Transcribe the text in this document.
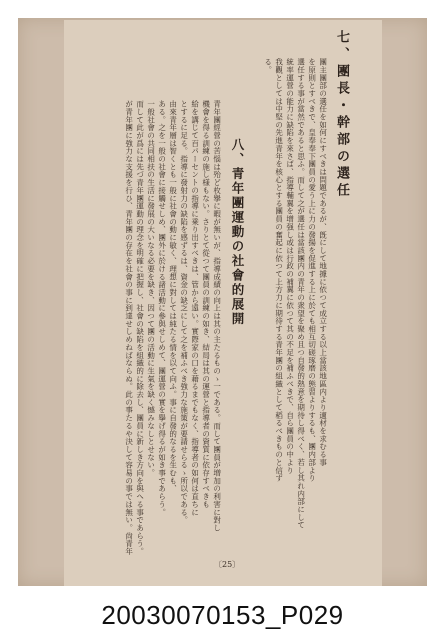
七、團長・幹部の選任
團主團部の選任を如何にすべきは問題であるが、旣にして地據に依つて成立する以上當該地區内より適材を求むる事
を原則とすべきで、皇奉奉下團員の愛う上に力の發揚を促進する上に於ても相互切磋琢磨の態習よりするも、團内部より
選任する事が當然であると思ふ。而して之が選任は當該團内の青年の衆望を聚め且つ自發的熱意を期待し得べく、若し其れ内部にして
統率運營の能力に缺陷を來さば、指導輔翼を增强し或は行政の補翼に依つて其の不足を補ふべきで、自ら團員の中より
我觀としては中堅の先進青年を核心とする團員の奮起に依つて上方力に期待する青年團の組織として稻るべきものと信ず
る。
八、青年團運動の社會的展開
青年團經營の苦惱は殆ど枚擧に暇が無いが、指導成績の向上は其の主たるものゝ一である。而して團員が増加の利害に對し
機會を得る訓練の施し様もない。さりとて從つて團員の訓練の如き、結局は其の運營と指導者の資質に依存すべきも
給を講じて百パーセントの指導に乗り出すべきは、管から遠い。實際家の口を藉るまでもなく、指導者の如何は直ちに
とするに足る。指導に發射力の缺陷を感ずるは、資金の缺乏にして之を補ふべき強力な施策が要請せらるゝ所以である。
由來青年層は智くとも一般に社會の動に敏く、理想に對しては純たる情を以て向ふ。事に自發的なるを生むも、
ある。之を一般の社會に接觸せしめ、團外に於ける諸活動に參與せしめて、團運營の實を擧げ得るが如き事であらう。
一般社會の共同相扶の生活に發展の大いなる必要を缺き、因つて團の活動に生氣を缺く憾みなしとせない。
而して此が爲には先づ青年團運動の理念を明確に把握し、社會の缺陷を組織的に除去し、團員に新しき方向を與へる事であらう。
が青年團に強力な支援を行ひ、青年團の存在を社會の事に到達せしめねばならぬ。此の事たるや決して容易の事では無い。尙青年
〔25〕
20030070153_P029
